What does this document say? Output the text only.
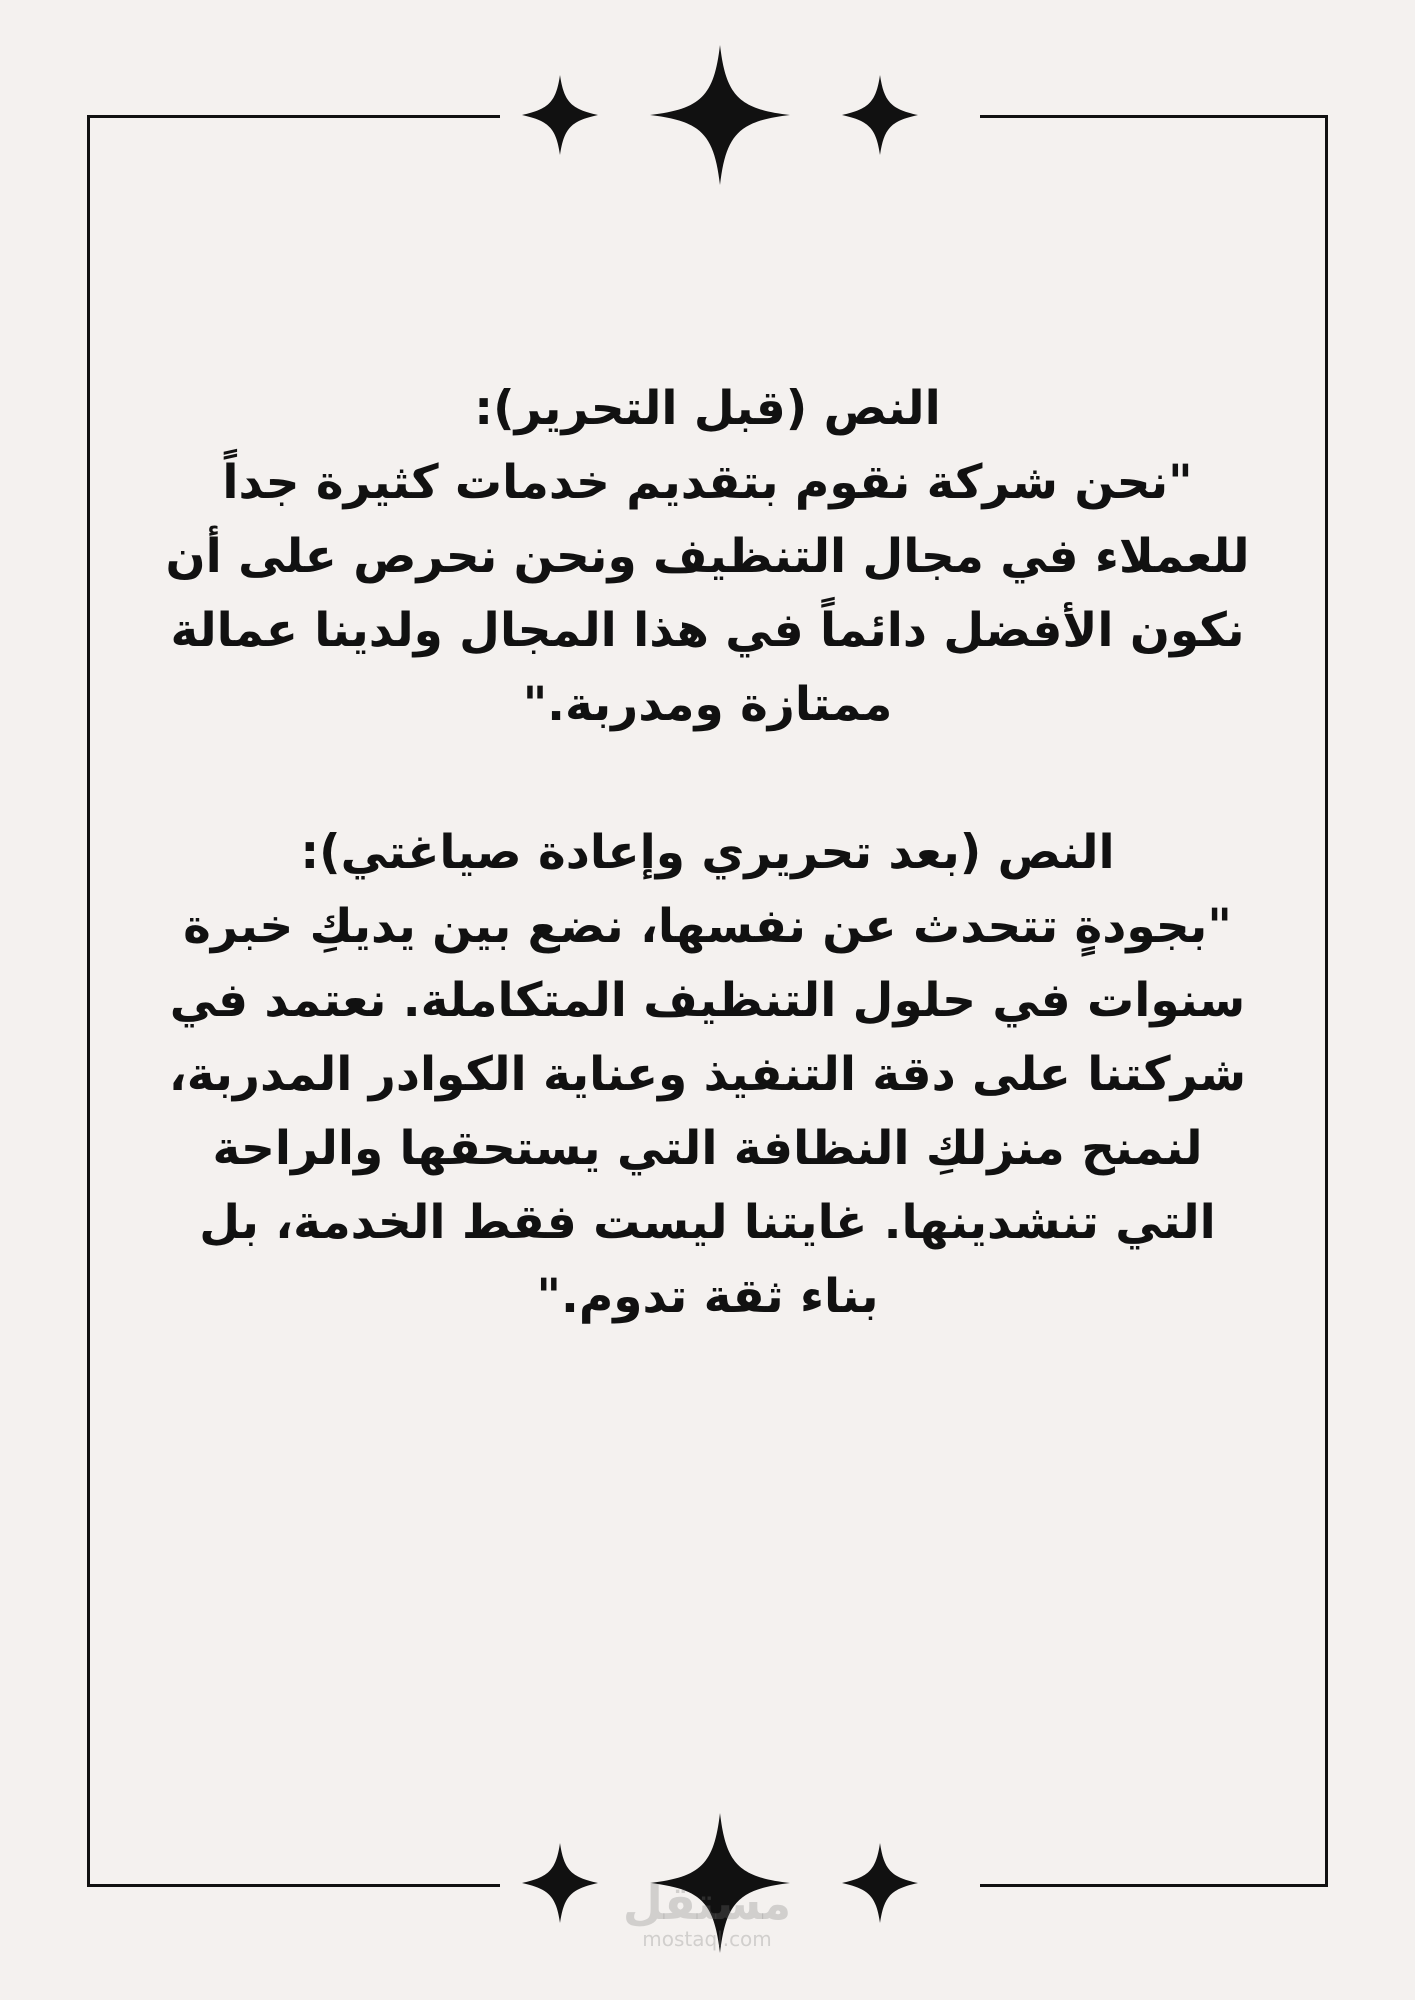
النص (قبل التحرير):
"نحن شركة نقوم بتقديم خدمات كثيرة جداً
للعملاء في مجال التنظيف ونحن نحرص على أن
نكون الأفضل دائماً في هذا المجال ولدينا عمالة
ممتازة ومدربة."
النص (بعد تحريري وإعادة صياغتي):
"بجودةٍ تتحدث عن نفسها، نضع بين يديكِ خبرة
سنوات في حلول التنظيف المتكاملة. نعتمد في
شركتنا على دقة التنفيذ وعناية الكوادر المدربة،
لنمنح منزلكِ النظافة التي يستحقها والراحة
التي تنشدينها. غايتنا ليست فقط الخدمة، بل
بناء ثقة تدوم."
مستقل
mostaql.com
